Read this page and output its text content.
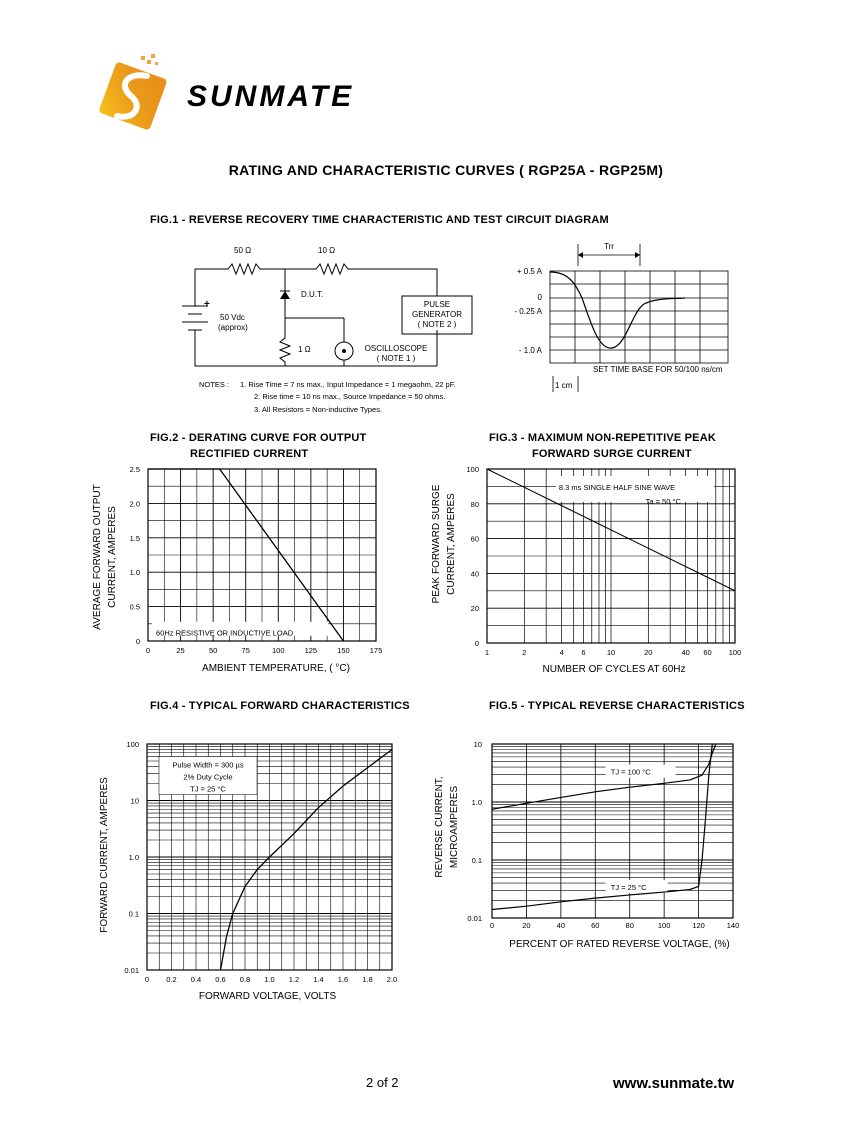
SUNMATE
RATING AND CHARACTERISTIC CURVES ( RGP25A - RGP25M)
FIG.1 - REVERSE RECOVERY TIME CHARACTERISTIC AND TEST CIRCUIT DIAGRAM
50 Ω	10 Ω
D.U.T.
+
50 Vdc
(approx)
1 Ω
PULSE
GENERATOR
( NOTE 2 )
OSCILLOSCOPE
( NOTE 1 )
NOTES : 1. Rise Time = 7 ns max., Input Impedance = 1 megaohm, 22 pF.
2. Rise time = 10 ns max., Source Impedance = 50 ohms.
3. All Resistors = Non-inductive Types.
Trr
+ 0.5 A
0
- 0.25 A
- 1.0 A
SET TIME BASE FOR 50/100 ns/cm
1 cm
FIG.2 - DERATING CURVE FOR OUTPUT
RECTIFIED CURRENT
0	25	50	75	100	125	150	175
0
0.5
1.0
1.5
2.0
2.5
60Hz RESISTIVE OR INDUCTIVE LOAD
AMBIENT TEMPERATURE, ( °C)
AVERAGE FORWARD OUTPUT CURRENT, AMPERES
FIG.3 - MAXIMUM NON-REPETITIVE PEAK
FORWARD SURGE CURRENT
1	2	4 6	10	20	40 60 100
0
20
40
60
80
100
8.3 ms SINGLE HALF SINE WAVE
Ta = 50 °C
NUMBER OF CYCLES AT 60Hz
PEAK FORWARD SURGE CURRENT, AMPERES
FIG.4 - TYPICAL FORWARD CHARACTERISTICS
0 0.2 0.4 0.6 0.8 1.0 1.2 1.4 1.6 1.8 2.0
0.01
0.1
1.0
10
100
Pulse Width = 300 µs
2% Duty Cycle
TJ = 25 °C
FORWARD VOLTAGE, VOLTS
FORWARD CURRENT, AMPERES
FIG.5 - TYPICAL REVERSE CHARACTERISTICS
0	20	40	60	80	100	120	140
0.01
0.1
1.0
10
TJ = 100 °C
TJ = 25 °C
PERCENT OF RATED REVERSE VOLTAGE, (%)
REVERSE CURRENT, MICROAMPERES
2 of 2	www.sunmate.tw
